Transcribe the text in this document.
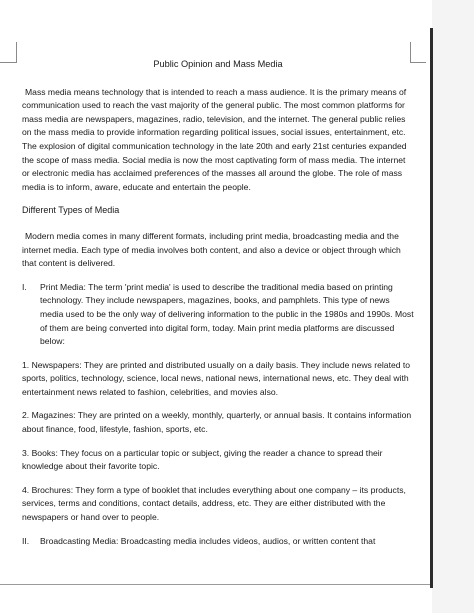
Public Opinion and Mass Media

Mass media means technology that is intended to reach a mass audience. It is the primary means of communication used to reach the vast majority of the general public. The most common platforms for mass media are newspapers, magazines, radio, television, and the internet. The general public relies on the mass media to provide information regarding political issues, social issues, entertainment, etc. The explosion of digital communication technology in the late 20th and early 21st centuries expanded the scope of mass media. Social media is now the most captivating form of mass media. The internet or electronic media has acclaimed preferences of the masses all around the globe. The role of mass media is to inform, aware, educate and entertain the people.

Different Types of Media

Modern media comes in many different formats, including print media, broadcasting media and the internet media. Each type of media involves both content, and also a device or object through which that content is delivered.

I.	Print Media: The term 'print media' is used to describe the traditional media based on printing technology. They include newspapers, magazines, books, and pamphlets. This type of news media used to be the only way of delivering information to the public in the 1980s and 1990s. Most of them are being converted into digital form, today. Main print media platforms are discussed below:
1. Newspapers: They are printed and distributed usually on a daily basis. They include news related to sports, politics, technology, science, local news, national news, international news, etc. They deal with entertainment news related to fashion, celebrities, and movies also.
2. Magazines: They are printed on a weekly, monthly, quarterly, or annual basis. It contains information about finance, food, lifestyle, fashion, sports, etc.
3. Books: They focus on a particular topic or subject, giving the reader a chance to spread their knowledge about their favorite topic.
4. Brochures: They form a type of booklet that includes everything about one company – its products, services, terms and conditions, contact details, address, etc. They are either distributed with the newspapers or hand over to people.
II.	Broadcasting Media: Broadcasting media includes videos, audios, or written content that
